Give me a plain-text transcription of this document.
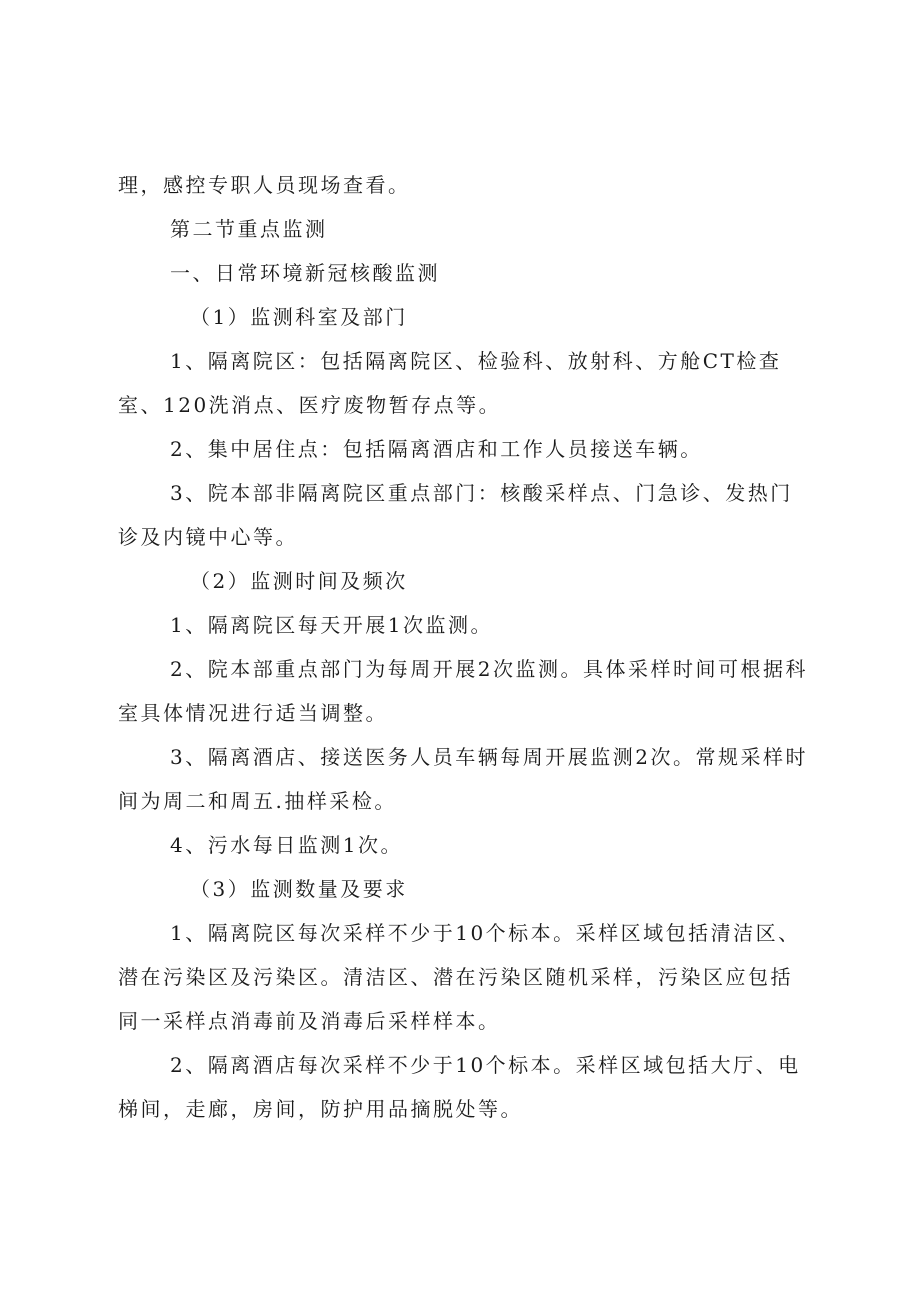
理，感控专职人员现场查看。

第二节重点监测

一、日常环境新冠核酸监测

（1）监测科室及部门

1、隔离院区：包括隔离院区、检验科、放射科、方舱CT检查室、120洗消点、医疗废物暂存点等。

2、集中居住点：包括隔离酒店和工作人员接送车辆。

3、院本部非隔离院区重点部门：核酸采样点、门急诊、发热门诊及内镜中心等。

（2）监测时间及频次

1、隔离院区每天开展1次监测。

2、院本部重点部门为每周开展2次监测。具体采样时间可根据科室具体情况进行适当调整。

3、隔离酒店、接送医务人员车辆每周开展监测2次。常规采样时间为周二和周五.抽样采检。

4、污水每日监测1次。

（3）监测数量及要求

1、隔离院区每次采样不少于10个标本。采样区域包括清洁区、潜在污染区及污染区。清洁区、潜在污染区随机采样，污染区应包括同一采样点消毒前及消毒后采样样本。

2、隔离酒店每次采样不少于10个标本。采样区域包括大厅、电梯间，走廊，房间，防护用品摘脱处等。
